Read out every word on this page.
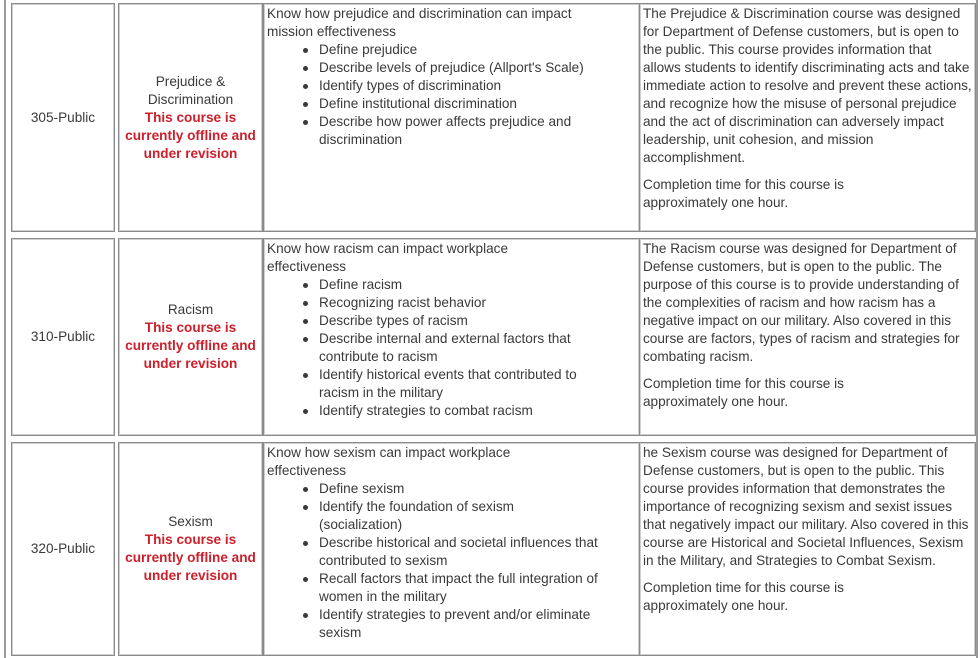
305-Public
Prejudice & Discrimination
This course is currently offline and under revision

Know how prejudice and discrimination can impact mission effectiveness

Define prejudice
Describe levels of prejudice (Allport's Scale)
Identify types of discrimination
Define institutional discrimination
Describe how power affects prejudice and discrimination

The Prejudice & Discrimination course was designed for Department of Defense customers, but is open to the public. This course provides information that allows students to identify discriminating acts and take immediate action to resolve and prevent these actions, and recognize how the misuse of personal prejudice and the act of discrimination can adversely impact leadership, unit cohesion, and mission accomplishment.

Completion time for this course is approximately one hour.

310-Public
Racism
This course is currently offline and under revision

Know how racism can impact workplace effectiveness

Define racism
Recognizing racist behavior
Describe types of racism
Describe internal and external factors that contribute to racism
Identify historical events that contributed to racism in the military
Identify strategies to combat racism

The Racism course was designed for Department of Defense customers, but is open to the public. The purpose of this course is to provide understanding of the complexities of racism and how racism has a negative impact on our military. Also covered in this course are factors, types of racism and strategies for combating racism.

Completion time for this course is approximately one hour.

320-Public
Sexism
This course is currently offline and under revision

Know how sexism can impact workplace effectiveness

Define sexism
Identify the foundation of sexism (socialization)
Describe historical and societal influences that contributed to sexism
Recall factors that impact the full integration of women in the military
Identify strategies to prevent and/or eliminate sexism

he Sexism course was designed for Department of Defense customers, but is open to the public. This course provides information that demonstrates the importance of recognizing sexism and sexist issues that negatively impact our military. Also covered in this course are Historical and Societal Influences, Sexism in the Military, and Strategies to Combat Sexism.

Completion time for this course is approximately one hour.
